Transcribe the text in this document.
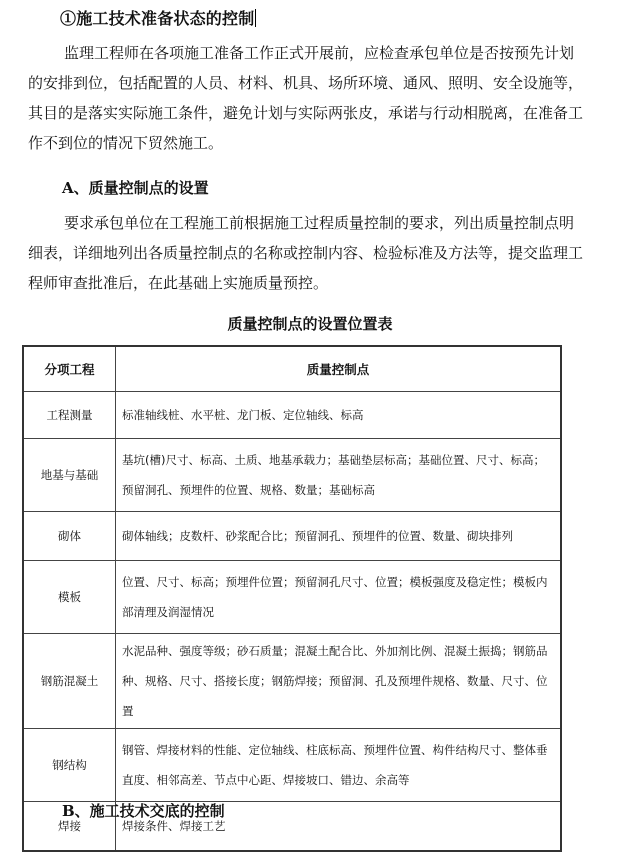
①施工技术准备状态的控制
监理工程师在各项施工准备工作正式开展前，应检查承包单位是否按预先计划的安排到位，包括配置的人员、材料、机具、场所环境、通风、照明、安全设施等，其目的是落实实际施工条件，避免计划与实际两张皮，承诺与行动相脱离，在准备工作不到位的情况下贸然施工。
A、质量控制点的设置
要求承包单位在工程施工前根据施工过程质量控制的要求，列出质量控制点明细表，详细地列出各质量控制点的名称或控制内容、检验标准及方法等，提交监理工程师审查批准后，在此基础上实施质量预控。
质量控制点的设置位置表
分项工程	质量控制点
工程测量	标准轴线桩、水平桩、龙门板、定位轴线、标高
地基与基础	基坑(槽)尺寸、标高、土质、地基承载力；基础垫层标高；基础位置、尺寸、标高；预留洞孔、预埋件的位置、规格、数量；基础标高
砌体	砌体轴线；皮数杆、砂浆配合比；预留洞孔、预埋件的位置、数量、砌块排列
模板	位置、尺寸、标高；预埋件位置；预留洞孔尺寸、位置；模板强度及稳定性；模板内部清理及润湿情况
钢筋混凝土	水泥品种、强度等级；砂石质量；混凝土配合比、外加剂比例、混凝土振捣；钢筋品种、规格、尺寸、搭接长度；钢筋焊接；预留洞、孔及预埋件规格、数量、尺寸、位置
钢结构	钢管、焊接材料的性能、定位轴线、柱底标高、预埋件位置、构件结构尺寸、整体垂直度、相邻高差、节点中心距、焊接坡口、错边、余高等
焊接	焊接条件、焊接工艺
B、施工技术交底的控制
